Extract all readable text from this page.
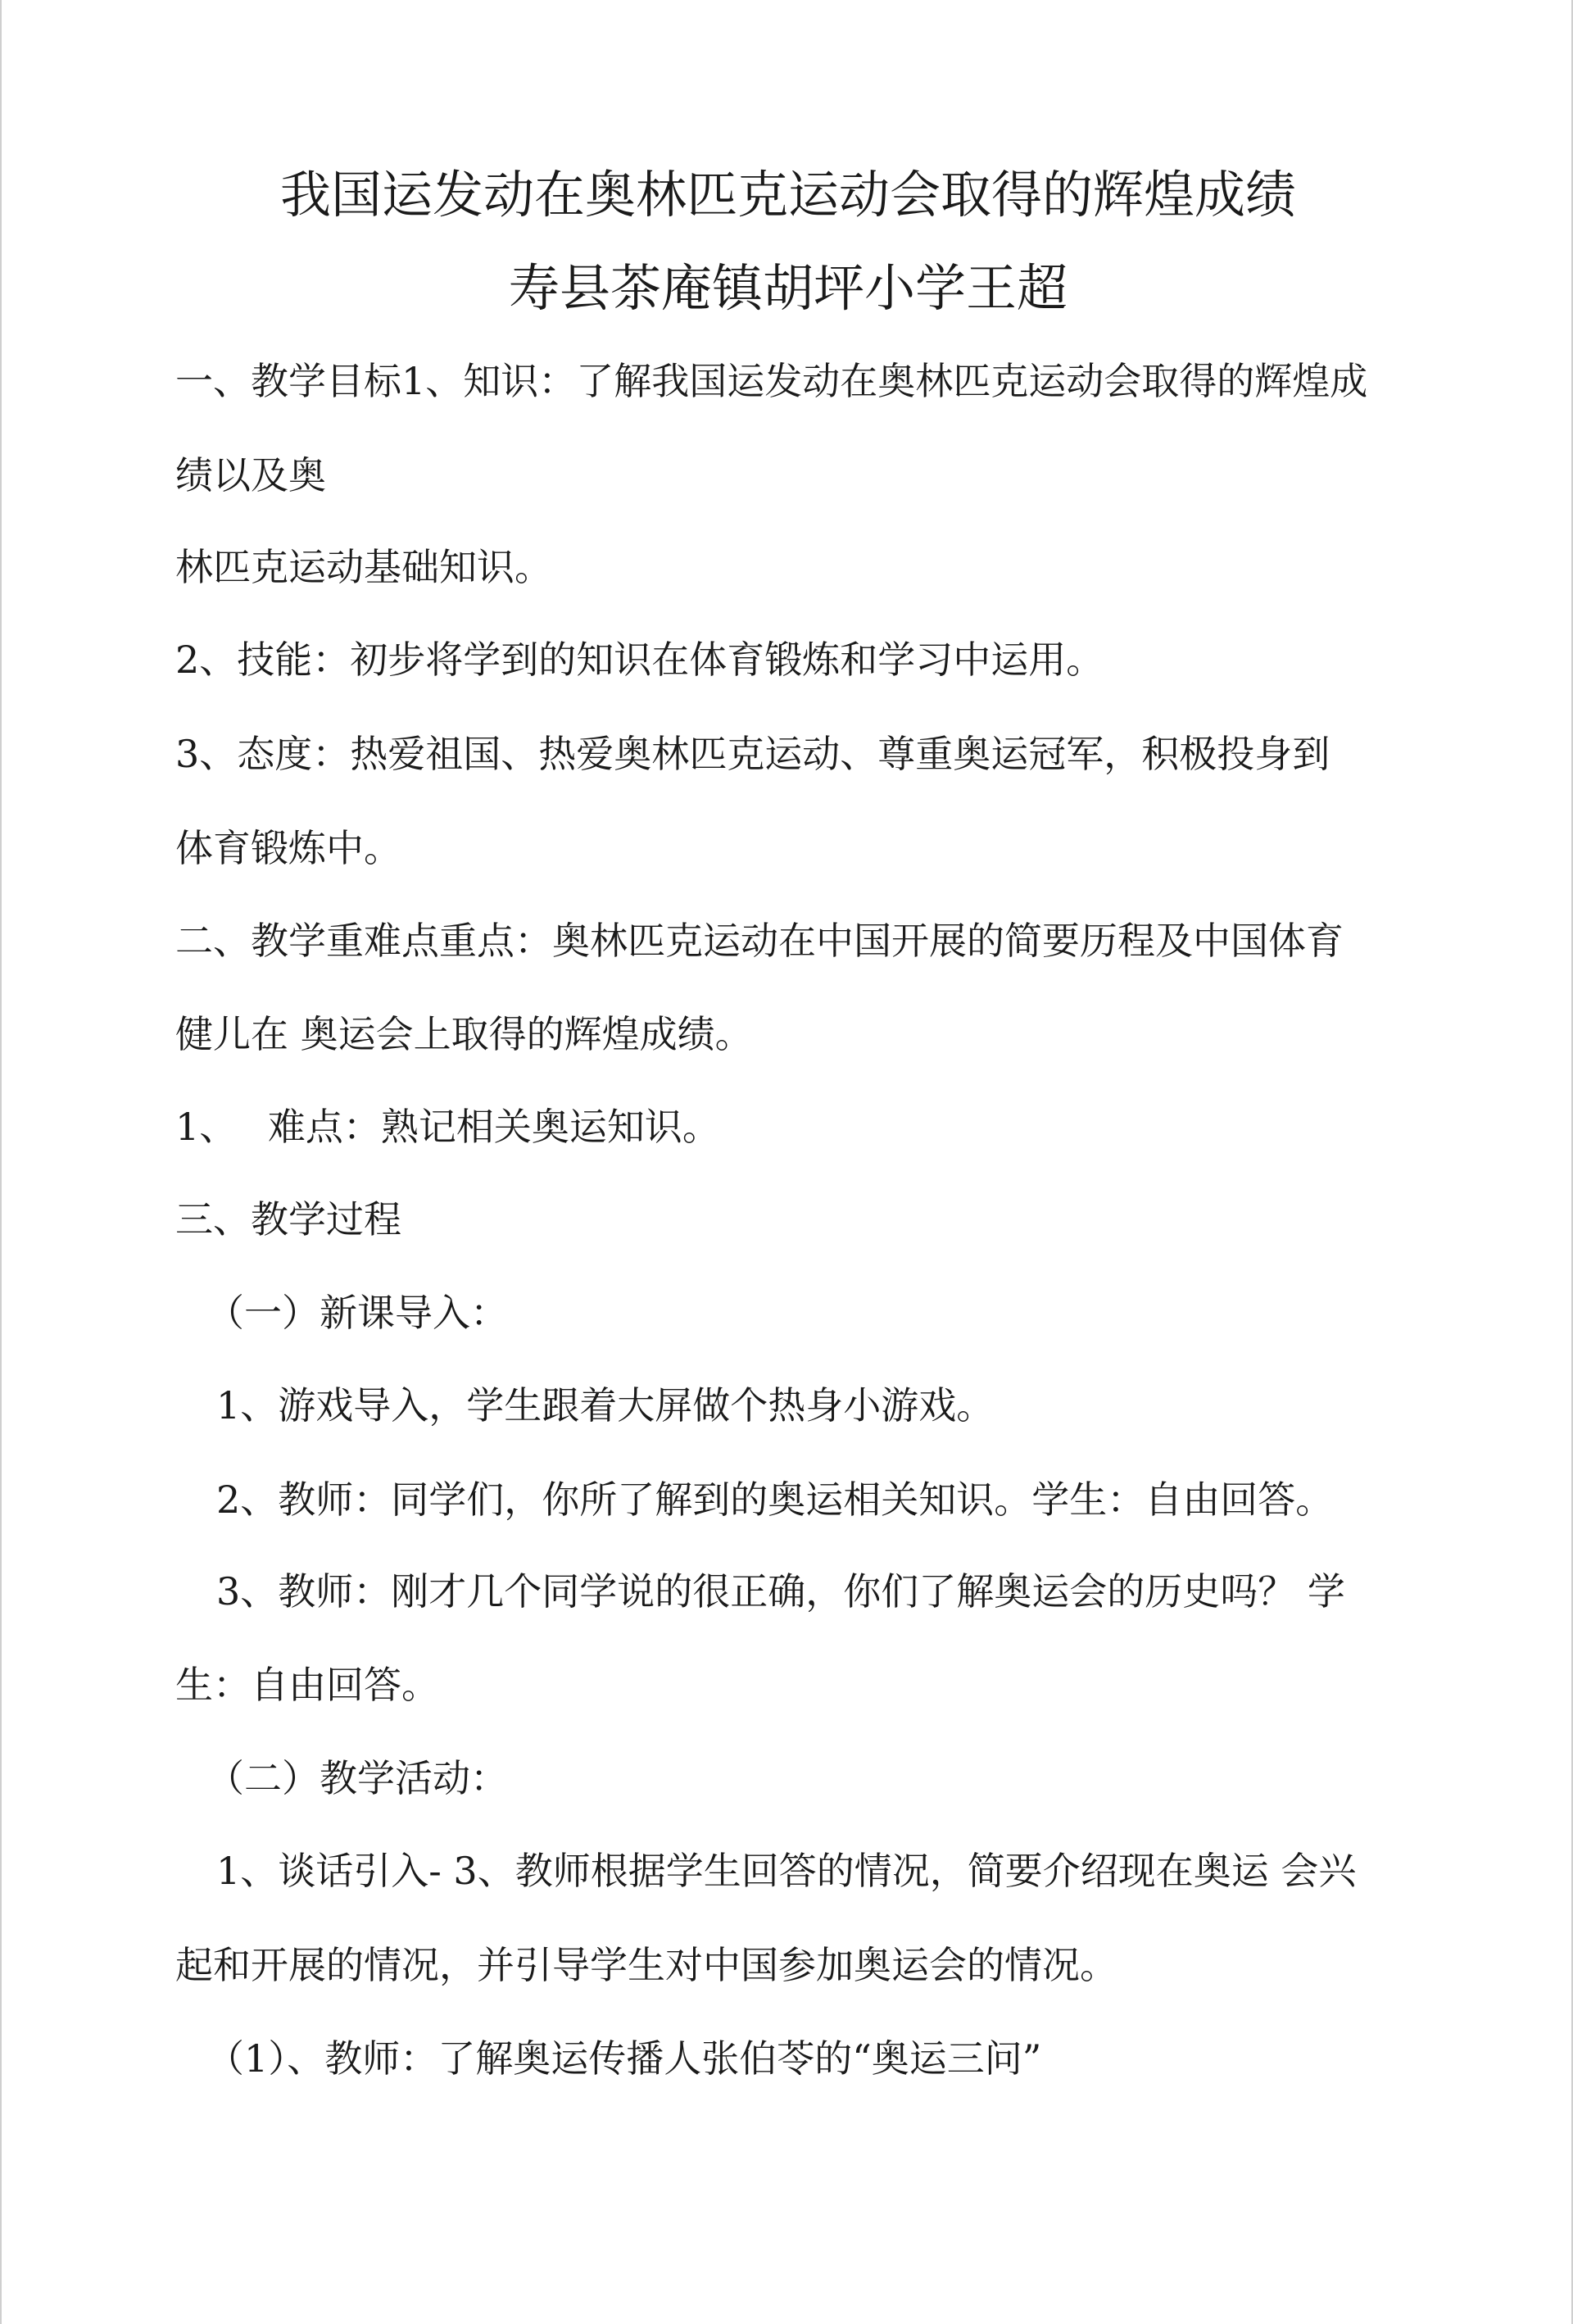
我国运发动在奥林匹克运动会取得的辉煌成绩
寿县茶庵镇胡坪小学王超
一、教学目标1、知识：了解我国运发动在奥林匹克运动会取得的辉煌成
绩以及奥
林匹克运动基础知识。
2、技能：初步将学到的知识在体育锻炼和学习中运用。
3、态度：热爱祖国、热爱奥林匹克运动、尊重奥运冠军，积极投身到
体育锻炼中。
二、教学重难点重点：奥林匹克运动在中国开展的简要历程及中国体育
健儿在 奥运会上取得的辉煌成绩。
1、　 难点：熟记相关奥运知识。
三、教学过程
（一）新课导入：
1、游戏导入，学生跟着大屏做个热身小游戏。
2、教师：同学们，你所了解到的奥运相关知识。学生：自由回答。
3、教师：刚才几个同学说的很正确，你们了解奥运会的历史吗？ 学
生：自由回答。
（二）教学活动：
1、谈话引入- 3、教师根据学生回答的情况，简要介绍现在奥运 会兴
起和开展的情况，并引导学生对中国参加奥运会的情况。
（1）、教师：了解奥运传播人张伯苓的“奥运三问”
